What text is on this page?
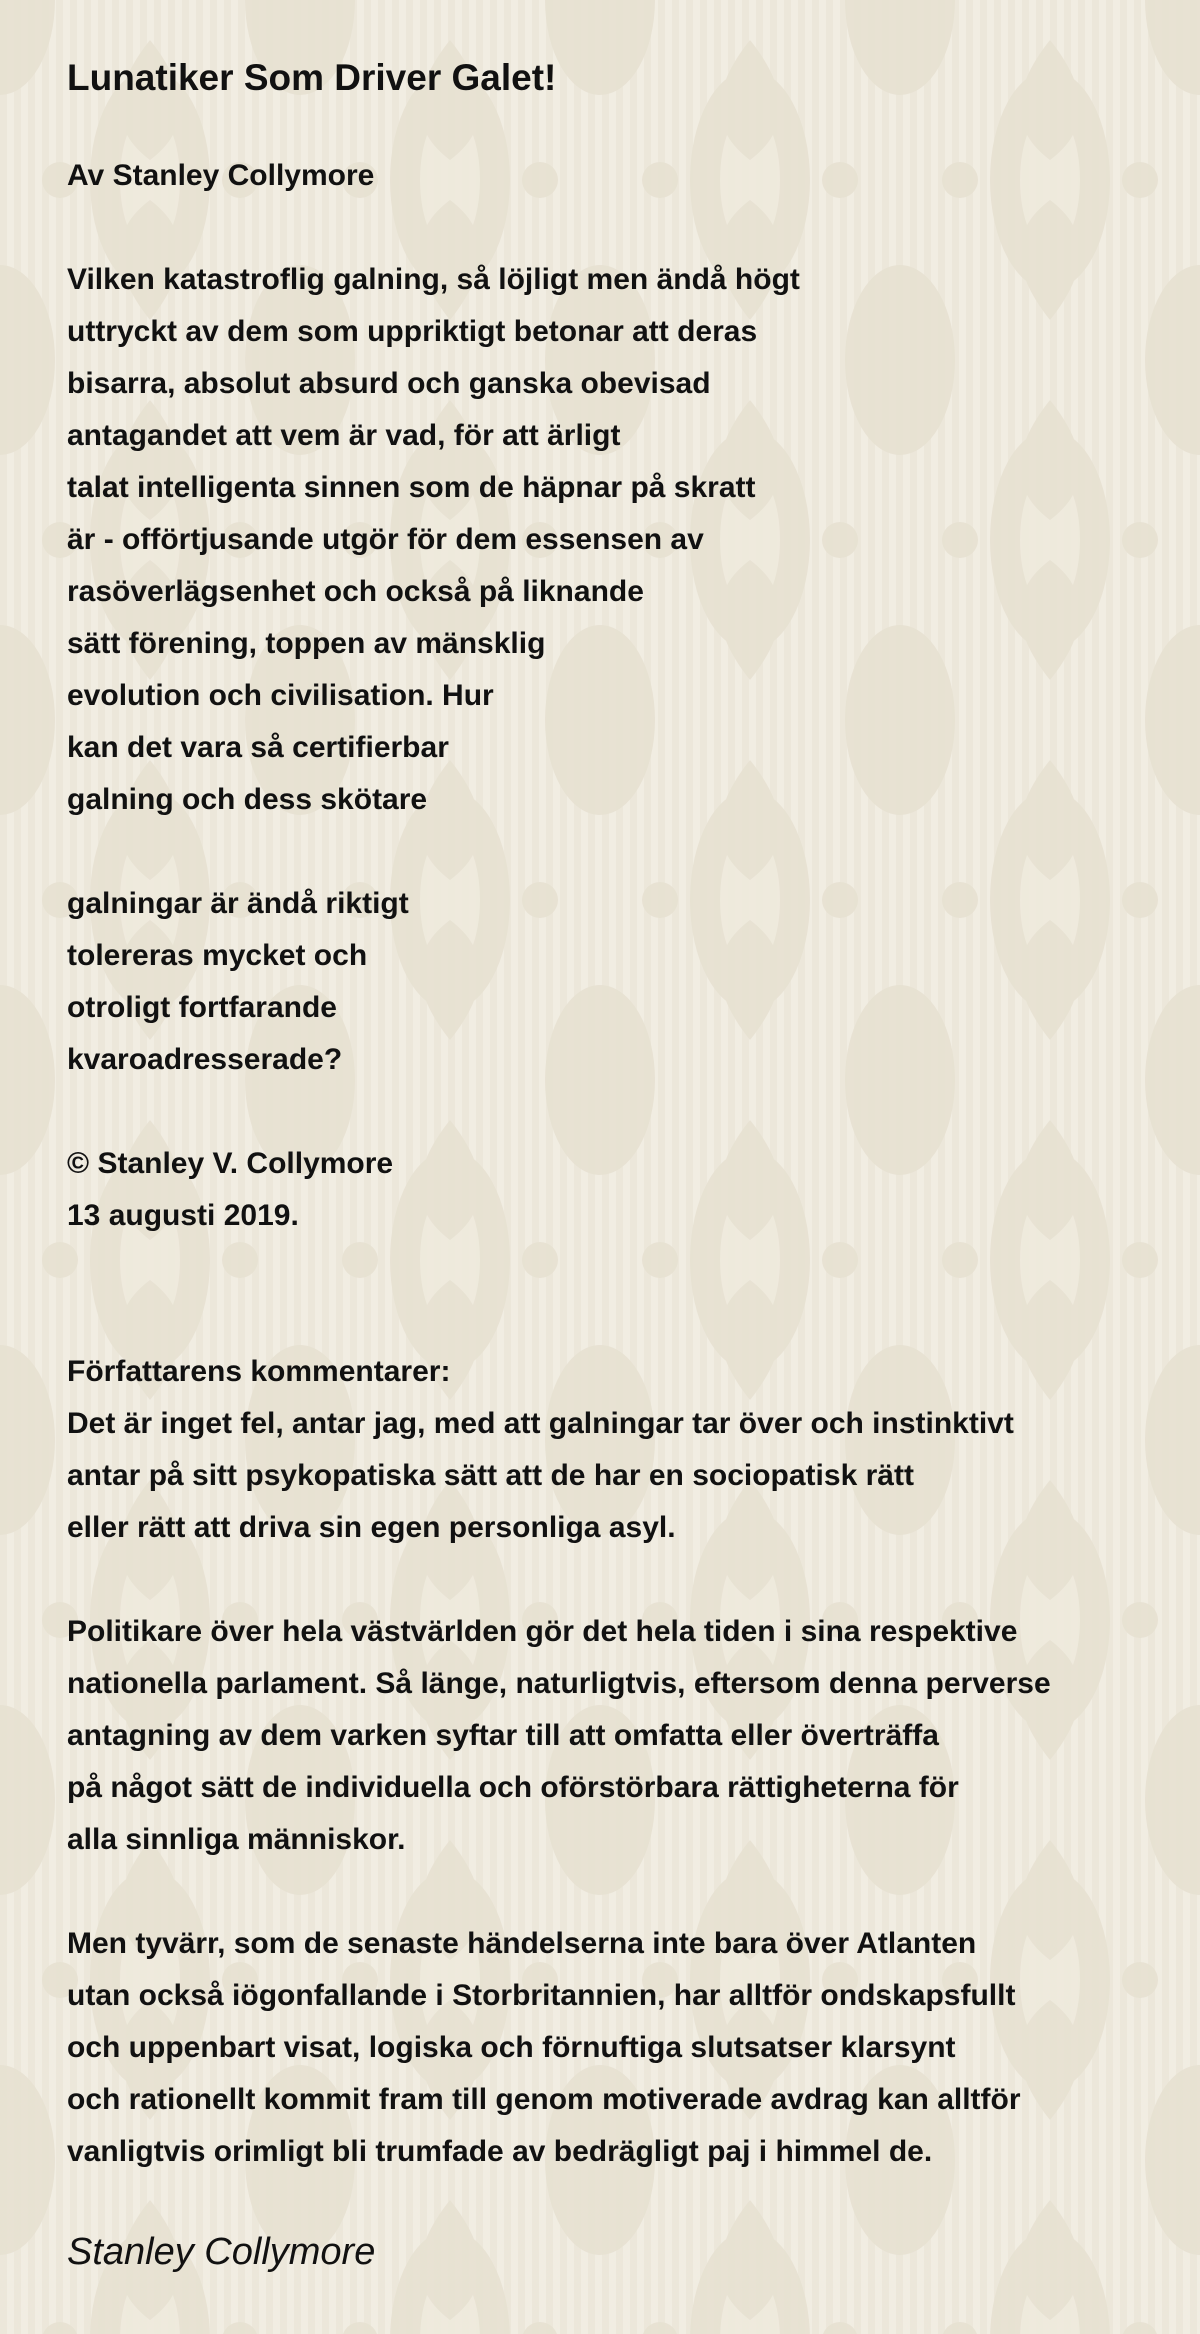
Lunatiker Som Driver Galet!
Av Stanley Collymore
Vilken katastroflig galning, så löjligt men ändå högt
uttryckt av dem som uppriktigt betonar att deras
bisarra, absolut absurd och ganska obevisad
antagandet att vem är vad, för att ärligt
talat intelligenta sinnen som de häpnar på skratt
är - offörtjusande utgör för dem essensen av
rasöverlägsenhet och också på liknande
sätt förening, toppen av mänsklig
evolution och civilisation. Hur
kan det vara så certifierbar
galning och dess skötare
galningar är ändå riktigt
tolereras mycket och
otroligt fortfarande
kvaroadresserade?
© Stanley V. Collymore
13 augusti 2019.
Författarens kommentarer:
Det är inget fel, antar jag, med att galningar tar över och instinktivt
antar på sitt psykopatiska sätt att de har en sociopatisk rätt
eller rätt att driva sin egen personliga asyl.
Politikare över hela västvärlden gör det hela tiden i sina respektive
nationella parlament. Så länge, naturligtvis, eftersom denna perverse
antagning av dem varken syftar till att omfatta eller överträffa
på något sätt de individuella och oförstörbara rättigheterna för
alla sinnliga människor.
Men tyvärr, som de senaste händelserna inte bara över Atlanten
utan också iögonfallande i Storbritannien, har alltför ondskapsfullt
och uppenbart visat, logiska och förnuftiga slutsatser klarsynt
och rationellt kommit fram till genom motiverade avdrag kan alltför
vanligtvis orimligt bli trumfade av bedrägligt paj i himmel de.
Stanley Collymore
